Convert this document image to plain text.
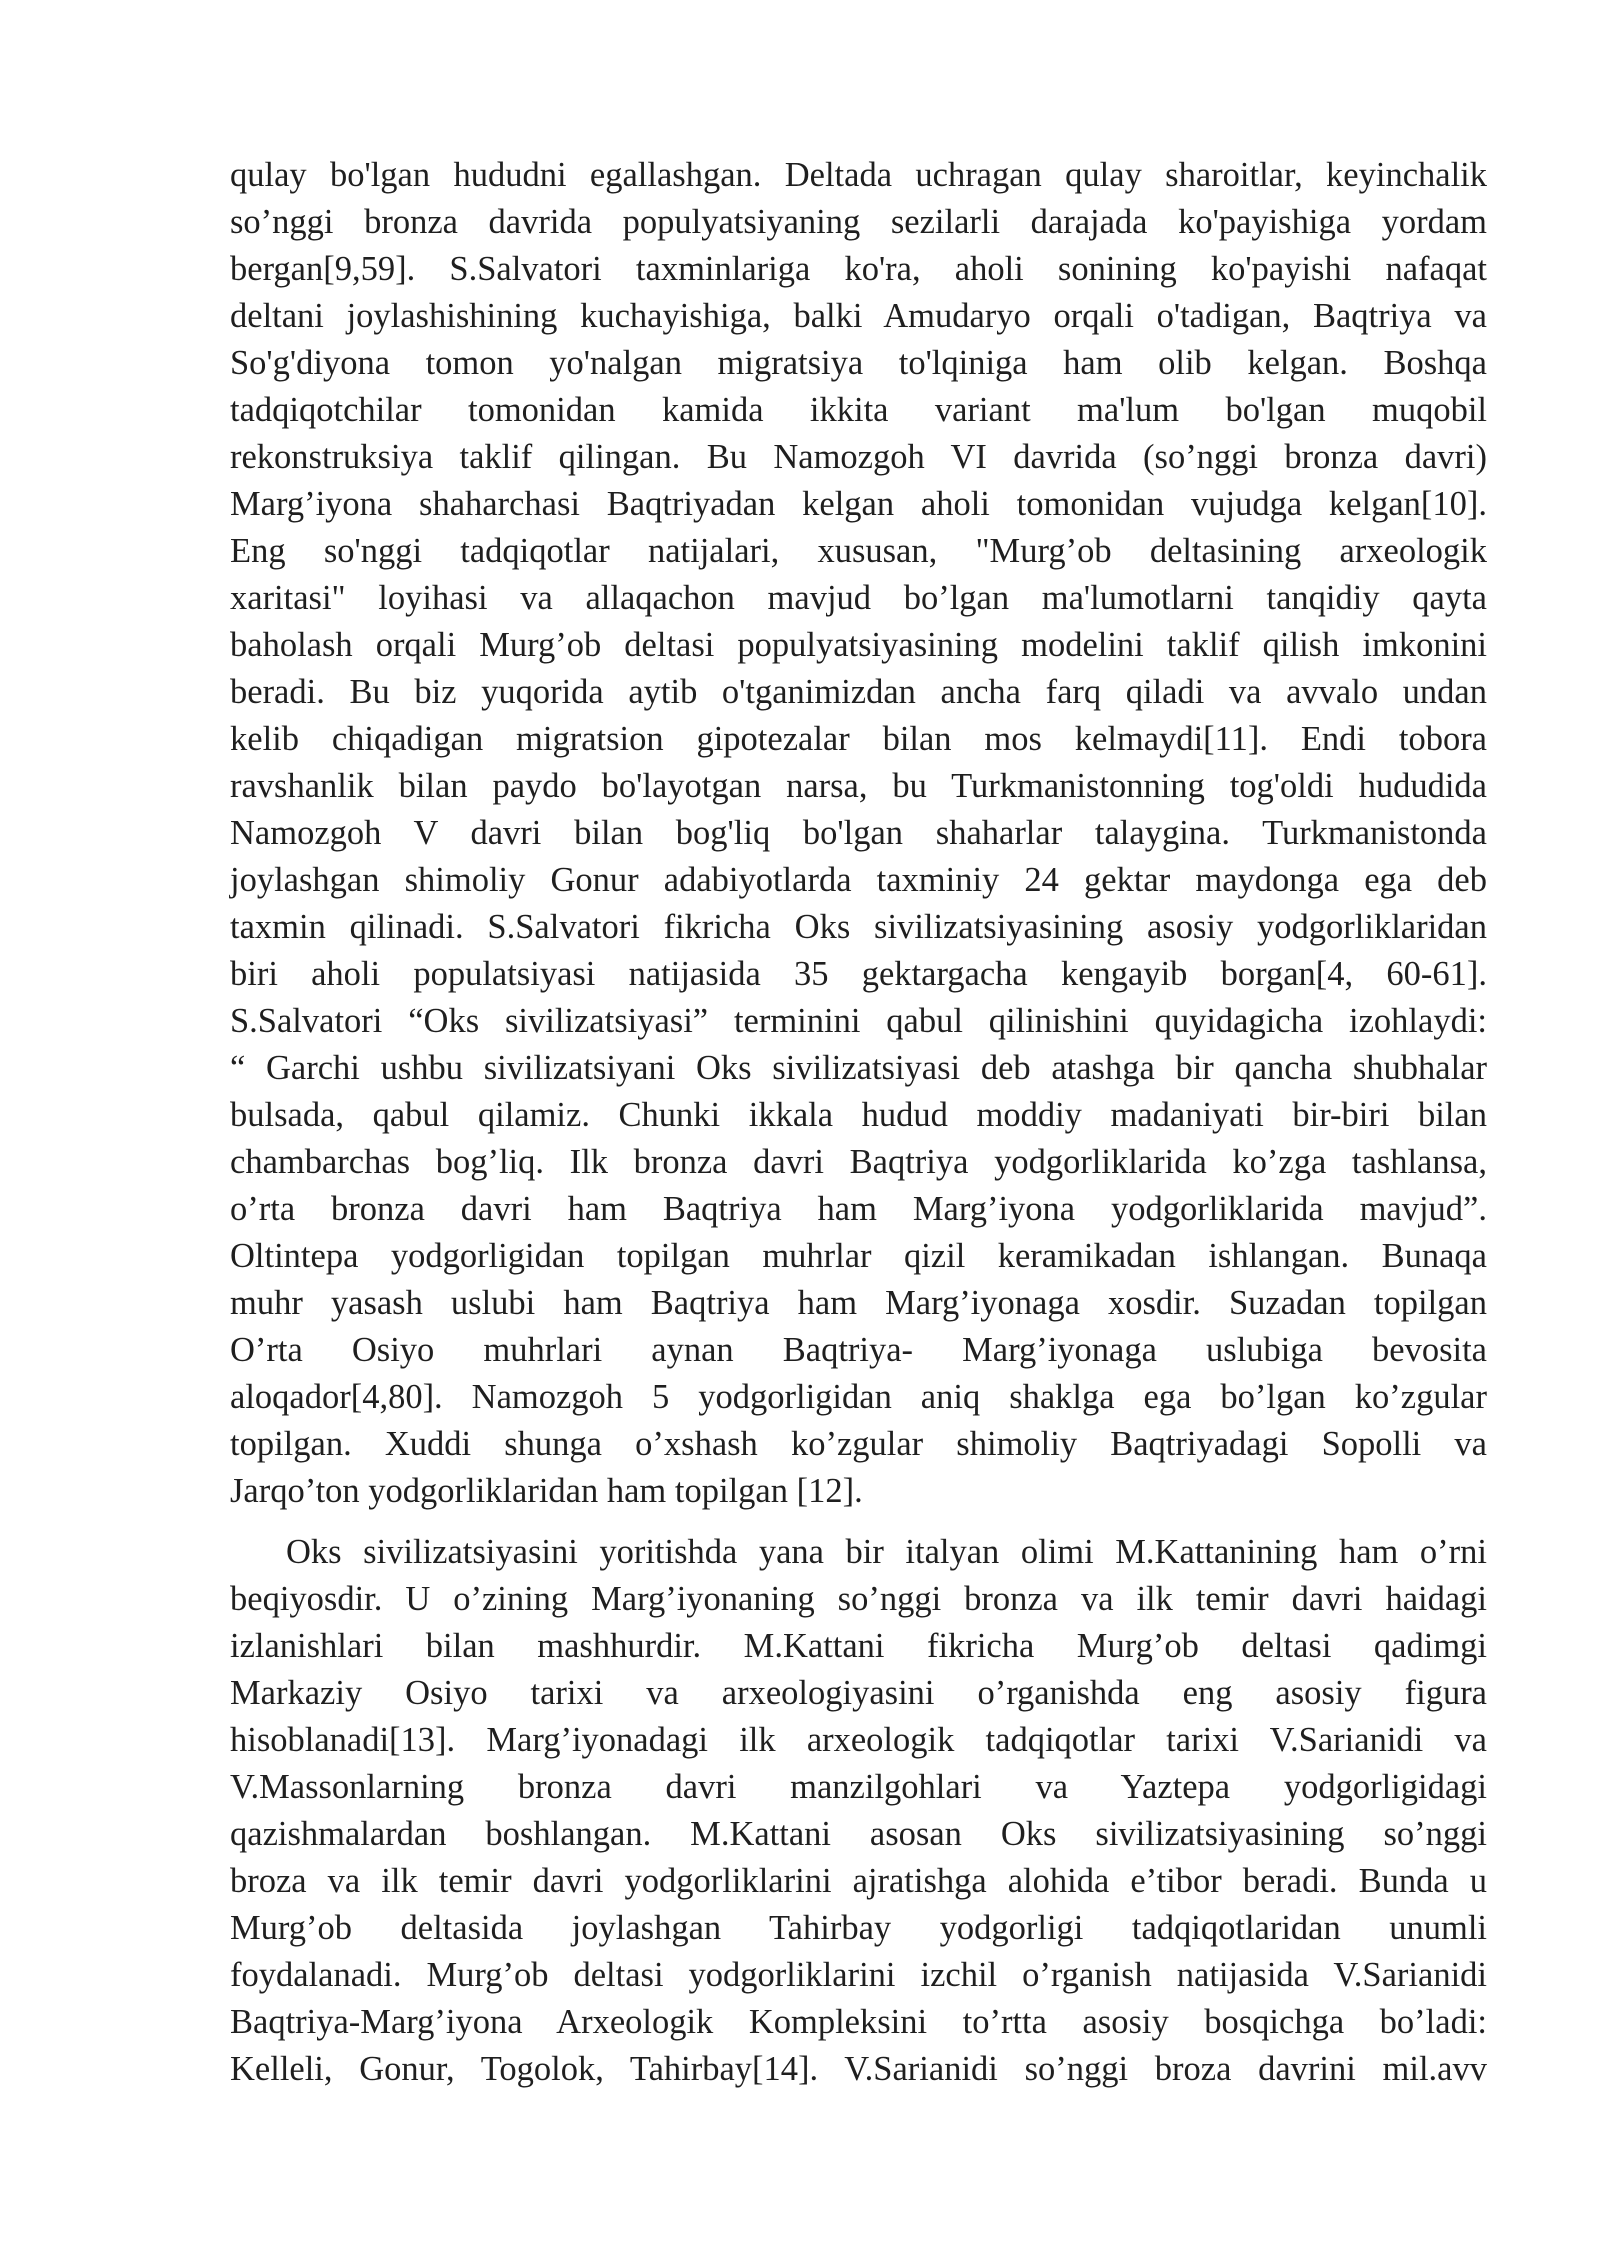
qulay bo'lgan hududni egallashgan. Deltada uchragan qulay sharoitlar, keyinchalik
so’nggi bronza davrida populyatsiyaning sezilarli darajada ko'payishiga yordam
bergan[9,59]. S.Salvatori taxminlariga ko'ra, aholi sonining ko'payishi nafaqat
deltani joylashishining kuchayishiga, balki Amudaryo orqali o'tadigan, Baqtriya va
So'g'diyona tomon yo'nalgan migratsiya to'lqiniga ham olib kelgan. Boshqa
tadqiqotchilar tomonidan kamida ikkita variant ma'lum bo'lgan muqobil
rekonstruksiya taklif qilingan. Bu Namozgoh VI davrida (so’nggi bronza davri)
Marg’iyona shaharchasi Baqtriyadan kelgan aholi tomonidan vujudga kelgan[10].
Eng so'nggi tadqiqotlar natijalari, xususan, "Murg’ob deltasining arxeologik
xaritasi" loyihasi va allaqachon mavjud bo’lgan ma'lumotlarni tanqidiy qayta
baholash orqali Murg’ob deltasi populyatsiyasining modelini taklif qilish imkonini
beradi. Bu biz yuqorida aytib o'tganimizdan ancha farq qiladi va avvalo undan
kelib chiqadigan migratsion gipotezalar bilan mos kelmaydi[11]. Endi tobora
ravshanlik bilan paydo bo'layotgan narsa, bu Turkmanistonning tog'oldi hududida
Namozgoh V davri bilan bog'liq bo'lgan shaharlar talaygina. Turkmanistonda
joylashgan shimoliy Gonur adabiyotlarda taxminiy 24 gektar maydonga ega deb
taxmin qilinadi. S.Salvatori fikricha Oks sivilizatsiyasining asosiy yodgorliklaridan
biri aholi populatsiyasi natijasida 35 gektargacha kengayib borgan[4, 60-61].
S.Salvatori “Oks sivilizatsiyasi” terminini qabul qilinishini quyidagicha izohlaydi:
“ Garchi ushbu sivilizatsiyani Oks sivilizatsiyasi deb atashga bir qancha shubhalar
bulsada, qabul qilamiz. Chunki ikkala hudud moddiy madaniyati bir-biri bilan
chambarchas bog’liq. Ilk bronza davri Baqtriya yodgorliklarida ko’zga tashlansa,
o’rta bronza davri ham Baqtriya ham Marg’iyona yodgorliklarida mavjud”.
Oltintepa yodgorligidan topilgan muhrlar qizil keramikadan ishlangan. Bunaqa
muhr yasash uslubi ham Baqtriya ham Marg’iyonaga xosdir. Suzadan topilgan
O’rta Osiyo muhrlari aynan Baqtriya- Marg’iyonaga uslubiga bevosita
aloqador[4,80]. Namozgoh 5 yodgorligidan aniq shaklga ega bo’lgan ko’zgular
topilgan. Xuddi shunga o’xshash ko’zgular shimoliy Baqtriyadagi Sopolli va
Jarqo’ton yodgorliklaridan ham topilgan [12].
Oks sivilizatsiyasini yoritishda yana bir italyan olimi M.Kattanining ham o’rni
beqiyosdir. U o’zining Marg’iyonaning so’nggi bronza va ilk temir davri haidagi
izlanishlari bilan mashhurdir. M.Kattani fikricha Murg’ob deltasi qadimgi
Markaziy Osiyo tarixi va arxeologiyasini o’rganishda eng asosiy figura
hisoblanadi[13]. Marg’iyonadagi ilk arxeologik tadqiqotlar tarixi V.Sarianidi va
V.Massonlarning bronza davri manzilgohlari va Yaztepa yodgorligidagi
qazishmalardan boshlangan. M.Kattani asosan Oks sivilizatsiyasining so’nggi
broza va ilk temir davri yodgorliklarini ajratishga alohida e’tibor beradi. Bunda u
Murg’ob deltasida joylashgan Tahirbay yodgorligi tadqiqotlaridan unumli
foydalanadi. Murg’ob deltasi yodgorliklarini izchil o’rganish natijasida V.Sarianidi
Baqtriya-Marg’iyona Arxeologik Kompleksini to’rtta asosiy bosqichga bo’ladi:
Kelleli, Gonur, Togolok, Tahirbay[14]. V.Sarianidi so’nggi broza davrini mil.avv
